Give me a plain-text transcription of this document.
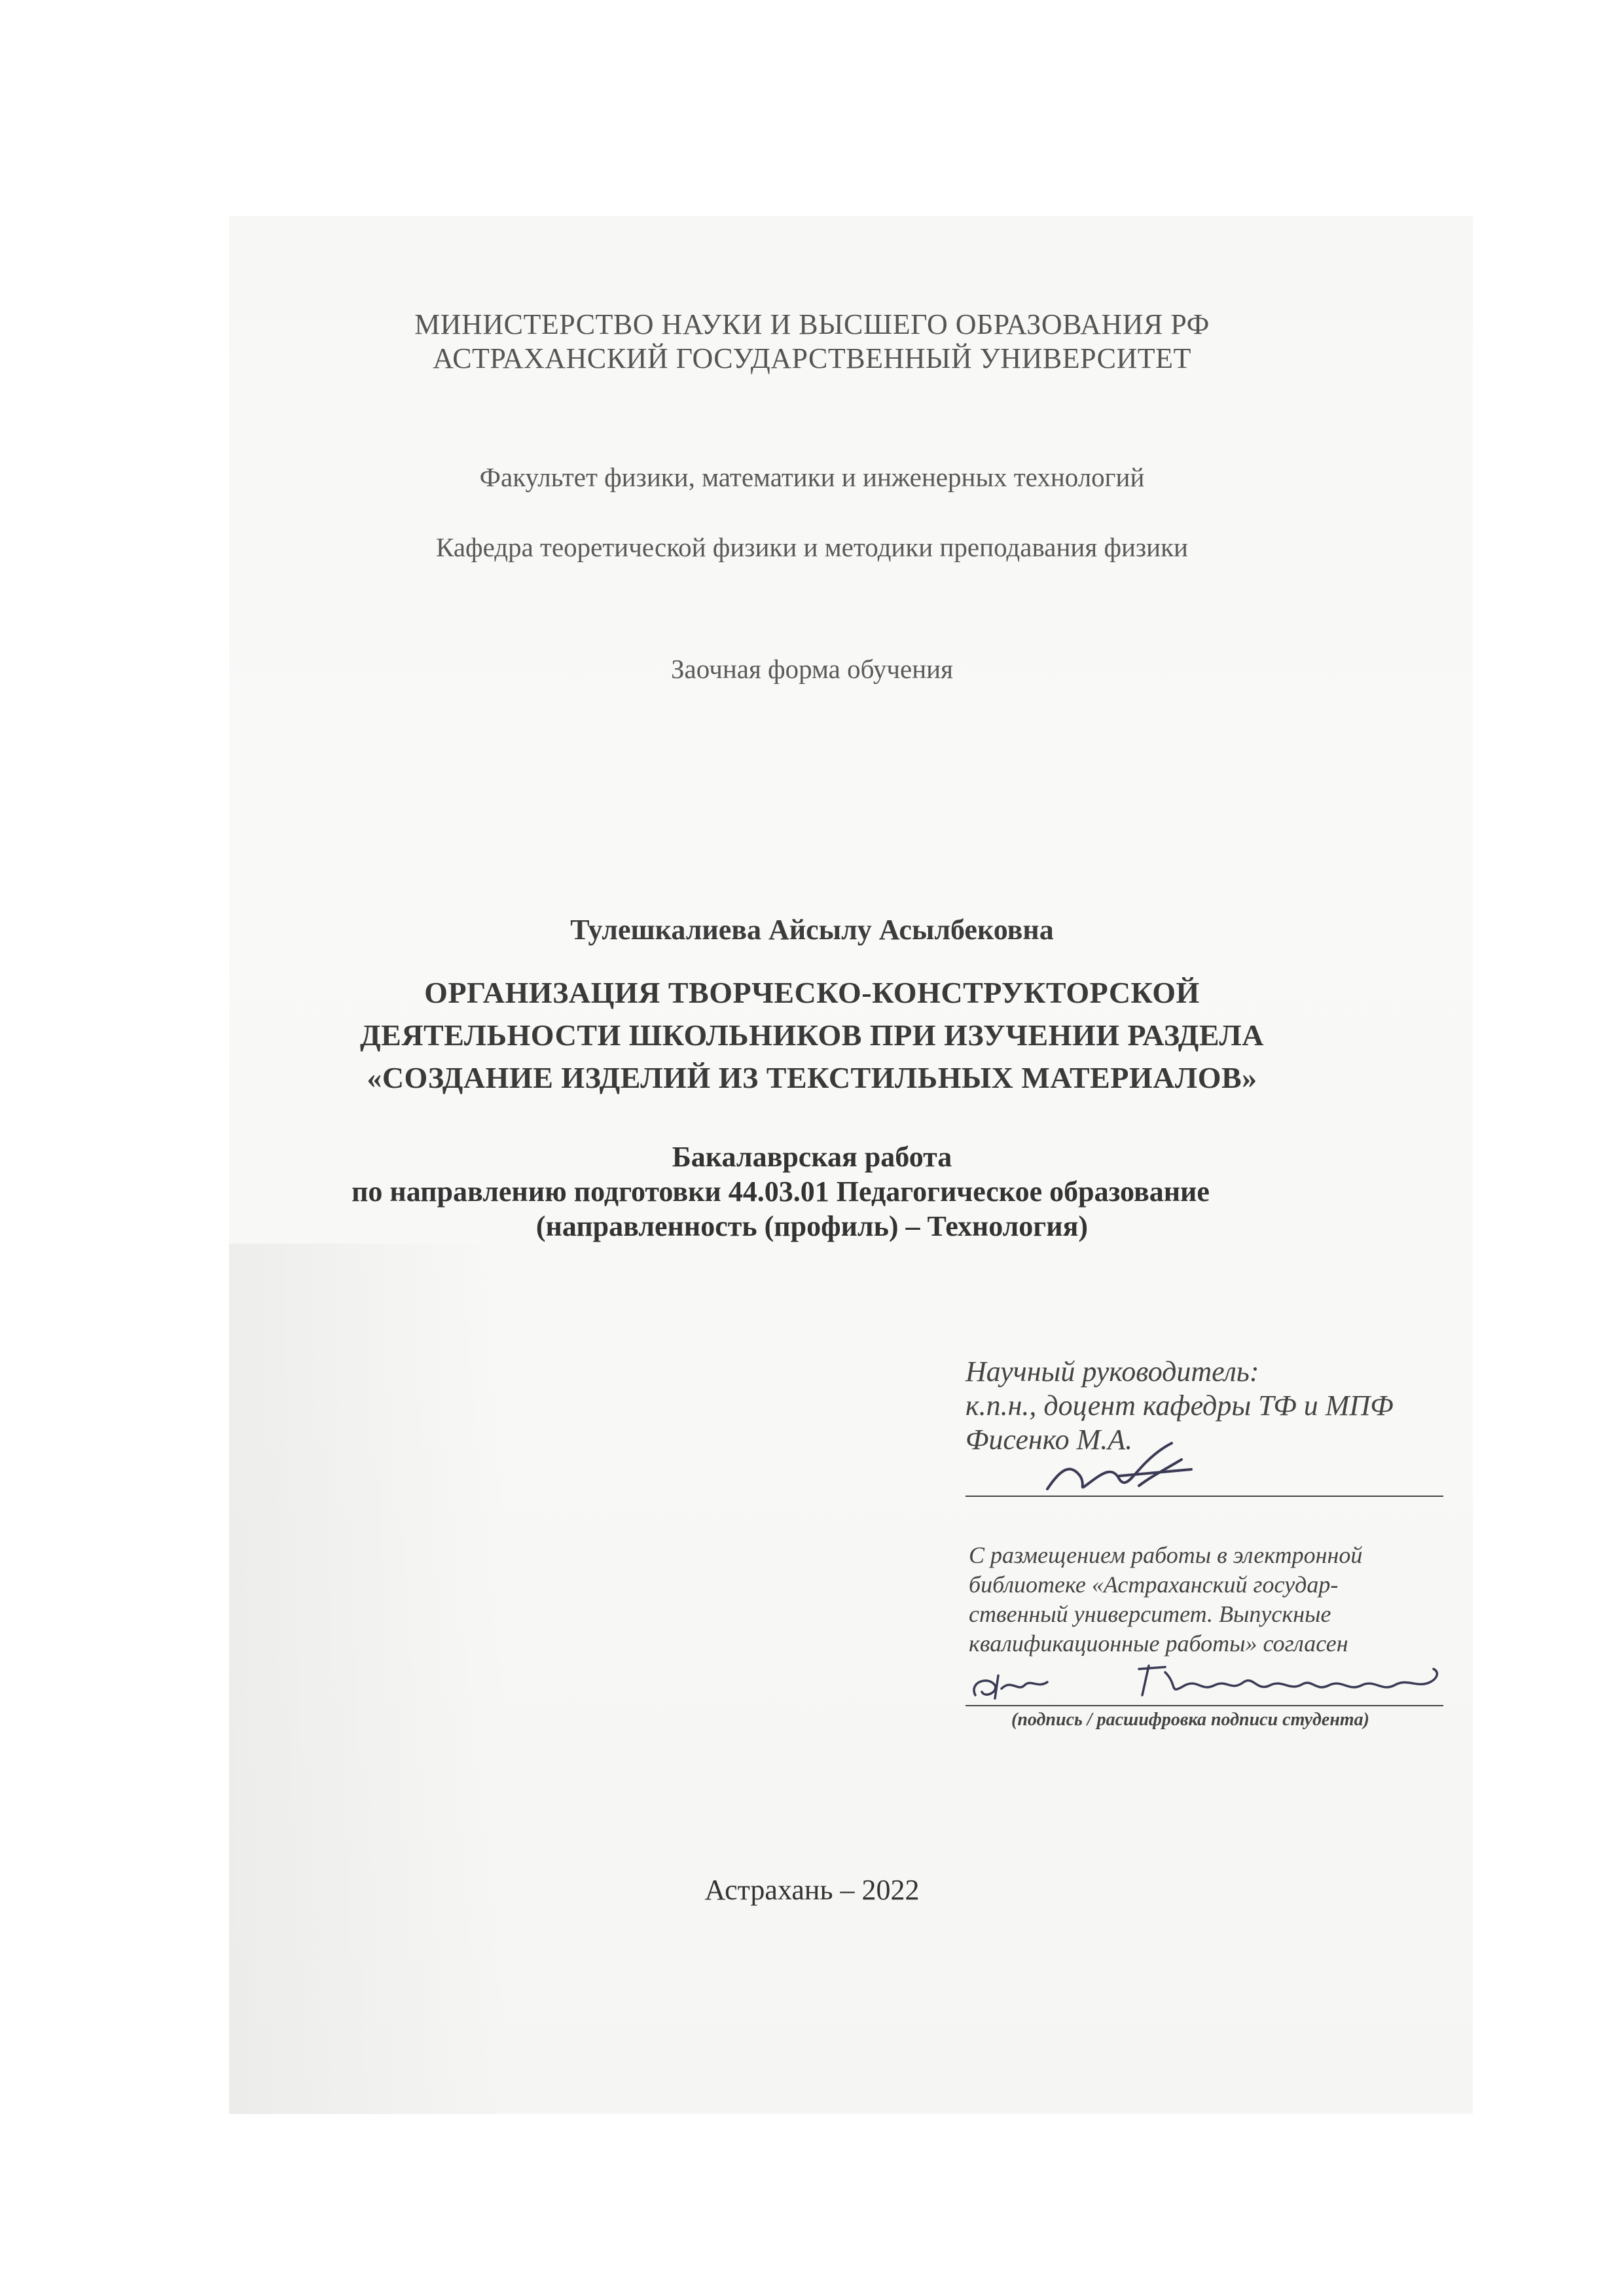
МИНИСТЕРСТВО НАУКИ И ВЫСШЕГО ОБРАЗОВАНИЯ РФ
АСТРАХАНСКИЙ ГОСУДАРСТВЕННЫЙ УНИВЕРСИТЕТ
Факультет физики, математики и инженерных технологий
Кафедра теоретической физики и методики преподавания физики
Заочная форма обучения
Тулешкалиева Айсылу Асылбековна
ОРГАНИЗАЦИЯ ТВОРЧЕСКО-КОНСТРУКТОРСКОЙ
ДЕЯТЕЛЬНОСТИ ШКОЛЬНИКОВ ПРИ ИЗУЧЕНИИ РАЗДЕЛА
«СОЗДАНИЕ ИЗДЕЛИЙ ИЗ ТЕКСТИЛЬНЫХ МАТЕРИАЛОВ»
Бакалаврская работа
по направлению подготовки 44.03.01 Педагогическое образование
(направленность (профиль) – Технология)
Научный руководитель:
к.п.н., доцент кафедры ТФ и МПФ
Фисенко М.А.
С размещением работы в электронной
библиотеке «Астраханский государ-
ственный университет. Выпускные
квалификационные работы» согласен
(подпись / расшифровка подписи студента)
Астрахань – 2022
